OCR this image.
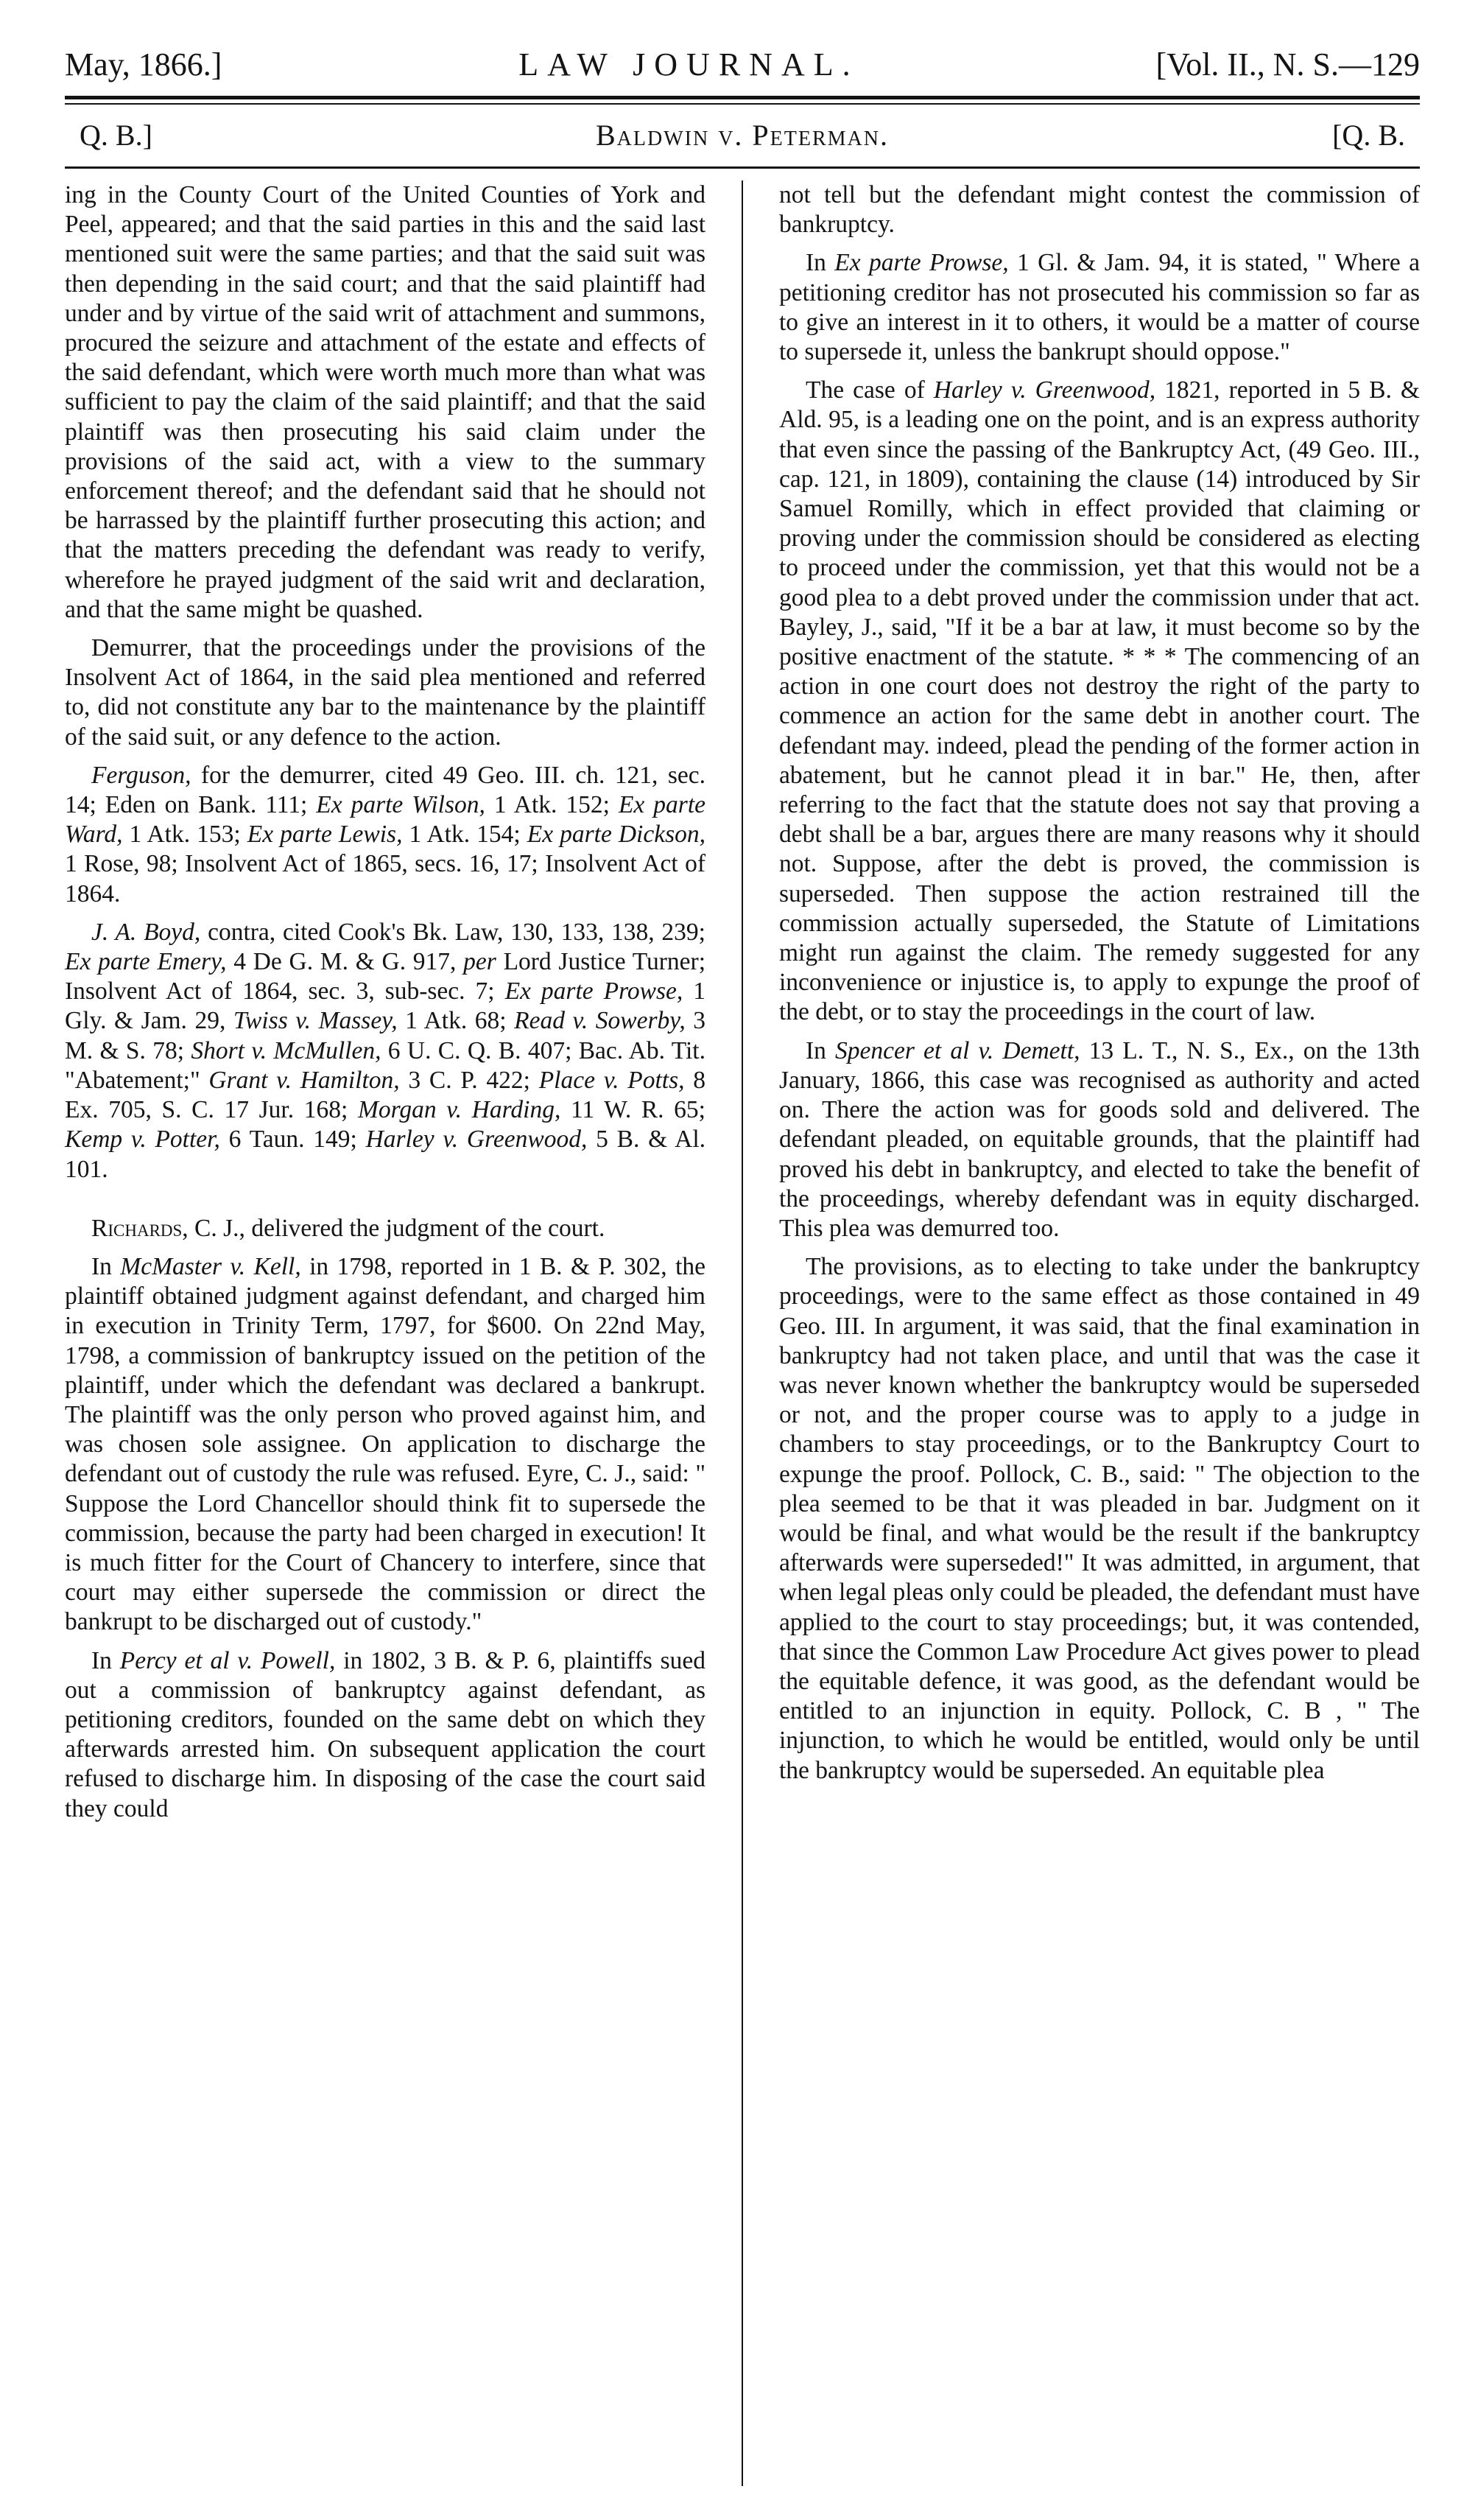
May, 1866.]	LAW JOURNAL.	[Vol. II., N. S.—129
Q. B.]	Baldwin v. Peterman.	[Q. B.

ing in the County Court of the United Counties of York and Peel, appeared; and that the said parties in this and the said last mentioned suit were the same parties; and that the said suit was then depending in the said court; and that the said plaintiff had under and by virtue of the said writ of attachment and summons, procured the seizure and attachment of the estate and effects of the said defendant, which were worth much more than what was sufficient to pay the claim of the said plaintiff; and that the said plaintiff was then prosecuting his said claim under the provisions of the said act, with a view to the summary enforcement thereof; and the defendant said that he should not be harrassed by the plaintiff further prosecuting this action; and that the matters preceding the defendant was ready to verify, wherefore he prayed judgment of the said writ and declaration, and that the same might be quashed.

Demurrer, that the proceedings under the provisions of the Insolvent Act of 1864, in the said plea mentioned and referred to, did not constitute any bar to the maintenance by the plaintiff of the said suit, or any defence to the action.

Ferguson, for the demurrer, cited 49 Geo. III. ch. 121, sec. 14; Eden on Bank. 111; Ex parte Wilson, 1 Atk. 152; Ex parte Ward, 1 Atk. 153; Ex parte Lewis, 1 Atk. 154; Ex parte Dickson, 1 Rose, 98; Insolvent Act of 1865, secs. 16, 17; Insolvent Act of 1864.

J. A. Boyd, contra, cited Cook's Bk. Law, 130, 133, 138, 239; Ex parte Emery, 4 De G. M. & G. 917, per Lord Justice Turner; Insolvent Act of 1864, sec. 3, sub-sec. 7; Ex parte Prowse, 1 Gly. & Jam. 29, Twiss v. Massey, 1 Atk. 68; Read v. Sowerby, 3 M. & S. 78; Short v. McMullen, 6 U. C. Q. B. 407; Bac. Ab. Tit. "Abatement;" Grant v. Hamilton, 3 C. P. 422; Place v. Potts, 8 Ex. 705, S. C. 17 Jur. 168; Morgan v. Harding, 11 W. R. 65; Kemp v. Potter, 6 Taun. 149; Harley v. Greenwood, 5 B. & Al. 101.

Richards, C. J., delivered the judgment of the court.

In McMaster v. Kell, in 1798, reported in 1 B. & P. 302, the plaintiff obtained judgment against defendant, and charged him in execution in Trinity Term, 1797, for $600. On 22nd May, 1798, a commission of bankruptcy issued on the petition of the plaintiff, under which the defendant was declared a bankrupt. The plaintiff was the only person who proved against him, and was chosen sole assignee. On application to discharge the defendant out of custody the rule was refused. Eyre, C. J., said: " Suppose the Lord Chancellor should think fit to supersede the commission, because the party had been charged in execution! It is much fitter for the Court of Chancery to interfere, since that court may either supersede the commission or direct the bankrupt to be discharged out of custody."

In Percy et al v. Powell, in 1802, 3 B. & P. 6, plaintiffs sued out a commission of bankruptcy against defendant, as petitioning creditors, founded on the same debt on which they afterwards arrested him. On subsequent application the court refused to discharge him. In disposing of the case the court said they could

not tell but the defendant might contest the commission of bankruptcy.

In Ex parte Prowse, 1 Gl. & Jam. 94, it is stated, " Where a petitioning creditor has not prosecuted his commission so far as to give an interest in it to others, it would be a matter of course to supersede it, unless the bankrupt should oppose."

The case of Harley v. Greenwood, 1821, reported in 5 B. & Ald. 95, is a leading one on the point, and is an express authority that even since the passing of the Bankruptcy Act, (49 Geo. III., cap. 121, in 1809), containing the clause (14) introduced by Sir Samuel Romilly, which in effect provided that claiming or proving under the commission should be considered as electing to proceed under the commission, yet that this would not be a good plea to a debt proved under the commission under that act. Bayley, J., said, "If it be a bar at law, it must become so by the positive enactment of the statute. * * * The commencing of an action in one court does not destroy the right of the party to commence an action for the same debt in another court. The defendant may. indeed, plead the pending of the former action in abatement, but he cannot plead it in bar." He, then, after referring to the fact that the statute does not say that proving a debt shall be a bar, argues there are many reasons why it should not. Suppose, after the debt is proved, the commission is superseded. Then suppose the action restrained till the commission actually superseded, the Statute of Limitations might run against the claim. The remedy suggested for any inconvenience or injustice is, to apply to expunge the proof of the debt, or to stay the proceedings in the court of law.

In Spencer et al v. Demett, 13 L. T., N. S., Ex., on the 13th January, 1866, this case was recognised as authority and acted on. There the action was for goods sold and delivered. The defendant pleaded, on equitable grounds, that the plaintiff had proved his debt in bankruptcy, and elected to take the benefit of the proceedings, whereby defendant was in equity discharged. This plea was demurred too.

The provisions, as to electing to take under the bankruptcy proceedings, were to the same effect as those contained in 49 Geo. III. In argument, it was said, that the final examination in bankruptcy had not taken place, and until that was the case it was never known whether the bankruptcy would be superseded or not, and the proper course was to apply to a judge in chambers to stay proceedings, or to the Bankruptcy Court to expunge the proof. Pollock, C. B., said: " The objection to the plea seemed to be that it was pleaded in bar. Judgment on it would be final, and what would be the result if the bankruptcy afterwards were superseded!" It was admitted, in argument, that when legal pleas only could be pleaded, the defendant must have applied to the court to stay proceedings; but, it was contended, that since the Common Law Procedure Act gives power to plead the equitable defence, it was good, as the defendant would be entitled to an injunction in equity. Pollock, C. B , " The injunction, to which he would be entitled, would only be until the bankruptcy would be superseded. An equitable plea
